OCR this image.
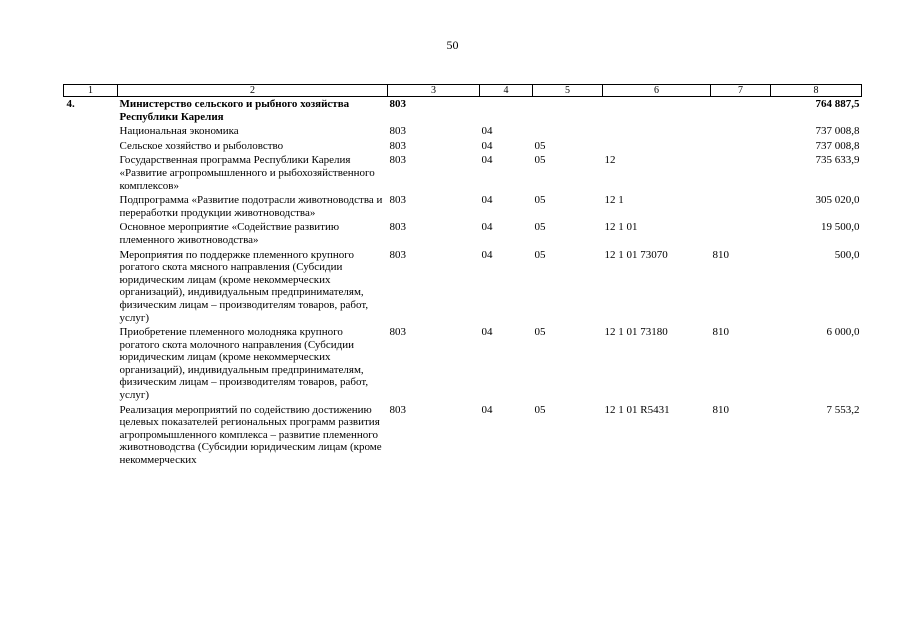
50
1	2	3	4	5	6	7	8
4.	Министерство сельского и рыбного хозяйства Республики Карелия	803					764 887,5
	Национальная экономика	803	04				737 008,8
	Сельское хозяйство и рыболовство	803	04	05			737 008,8
	Государственная программа Республики Карелия «Развитие агропромышленного и рыбохозяйственного комплексов»	803	04	05	12		735 633,9
	Подпрограмма «Развитие подотрасли животноводства и переработки продукции животноводства»	803	04	05	12 1		305 020,0
	Основное мероприятие «Содействие развитию племенного животноводства»	803	04	05	12 1 01		19 500,0
	Мероприятия по поддержке племенного крупного рогатого скота мясного направления (Субсидии юридическим лицам (кроме некоммерческих организаций), индивидуальным предпринимателям, физическим лицам – производителям товаров, работ, услуг)	803	04	05	12 1 01 73070	810	500,0
	Приобретение племенного молодняка крупного рогатого скота молочного направления (Субсидии юридическим лицам (кроме некоммерческих организаций), индивидуальным предпринимателям, физическим лицам – производителям товаров, работ, услуг)	803	04	05	12 1 01 73180	810	6 000,0
	Реализация мероприятий по содействию достижению целевых показателей региональных программ развития агропромышленного комплекса – развитие племенного животноводства (Субсидии юридическим лицам (кроме некоммерческих	803	04	05	12 1 01 R5431	810	7 553,2
